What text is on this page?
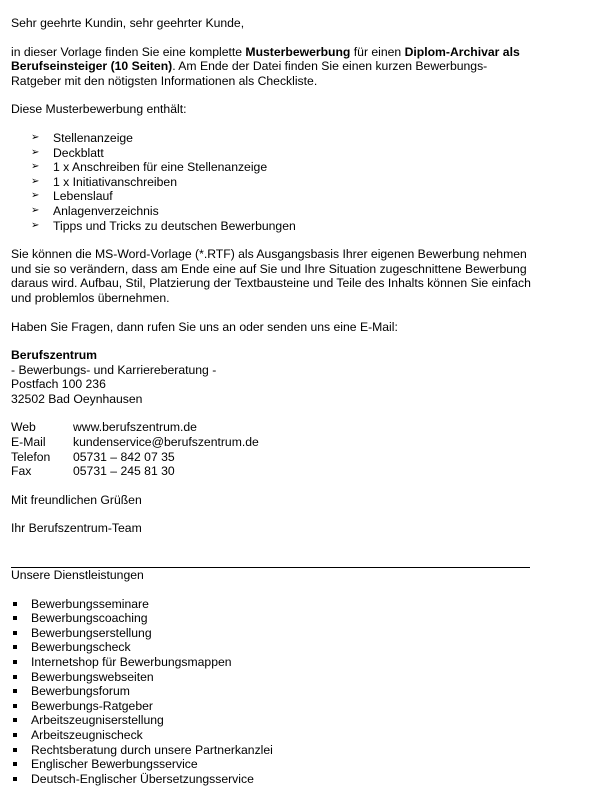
Sehr geehrte Kundin, sehr geehrter Kunde,

in dieser Vorlage finden Sie eine komplette Musterbewerbung für einen Diplom-Archivar als Berufseinsteiger (10 Seiten). Am Ende der Datei finden Sie einen kurzen Bewerbungs-Ratgeber mit den nötigsten Informationen als Checkliste.

Diese Musterbewerbung enthält:

➢ Stellenanzeige
➢ Deckblatt
➢ 1 x Anschreiben für eine Stellenanzeige
➢ 1 x Initiativanschreiben
➢ Lebenslauf
➢ Anlagenverzeichnis
➢ Tipps und Tricks zu deutschen Bewerbungen

Sie können die MS-Word-Vorlage (*.RTF) als Ausgangsbasis Ihrer eigenen Bewerbung nehmen und sie so verändern, dass am Ende eine auf Sie und Ihre Situation zugeschnittene Bewerbung daraus wird. Aufbau, Stil, Platzierung der Textbausteine und Teile des Inhalts können Sie einfach und problemlos übernehmen.

Haben Sie Fragen, dann rufen Sie uns an oder senden uns eine E-Mail:

Berufszentrum

- Bewerbungs- und Karriereberatung -

Postfach 100 236

32502 Bad Oeynhausen

Web	www.berufszentrum.de
E-Mail	kundenservice@berufszentrum.de
Telefon	05731 – 842 07 35
Fax	05731 – 245 81 30

Mit freundlichen Grüßen

Ihr Berufszentrum-Team

Unsere Dienstleistungen

Bewerbungsseminare
Bewerbungscoaching
Bewerbungserstellung
Bewerbungscheck
Internetshop für Bewerbungsmappen
Bewerbungswebseiten
Bewerbungsforum
Bewerbungs-Ratgeber
Arbeitszeugniserstellung
Arbeitszeugnischeck
Rechtsberatung durch unsere Partnerkanzlei
Englischer Bewerbungsservice
Deutsch-Englischer Übersetzungsservice
